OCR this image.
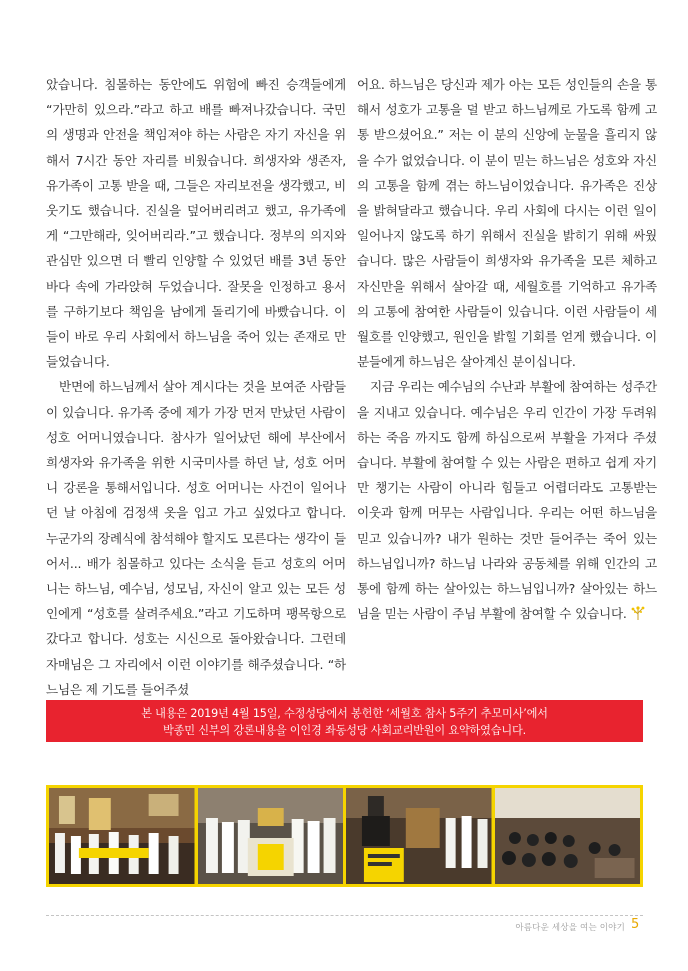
았습니다. 침몰하는 동안에도 위험에 빠진 승객들에게 “가만히 있으라.”라고 하고 배를 빠져나갔습니다. 국민의 생명과 안전을 책임져야 하는 사람은 자기 자신을 위해서 7시간 동안 자리를 비웠습니다. 희생자와 생존자, 유가족이 고통 받을 때, 그들은 자리보전을 생각했고, 비웃기도 했습니다. 진실을 덮어버리려고 했고, 유가족에게 “그만해라, 잊어버리라.”고 했습니다. 정부의 의지와 관심만 있으면 더 빨리 인양할 수 있었던 배를 3년 동안 바다 속에 가라앉혀 두었습니다. 잘못을 인정하고 용서를 구하기보다 책임을 남에게 돌리기에 바빴습니다. 이들이 바로 우리 사회에서 하느님을 죽어 있는 존재로 만들었습니다.

반면에 하느님께서 살아 계시다는 것을 보여준 사람들이 있습니다. 유가족 중에 제가 가장 먼저 만났던 사람이 성호 어머니였습니다. 참사가 일어났던 해에 부산에서 희생자와 유가족을 위한 시국미사를 하던 날, 성호 어머니 강론을 통해서입니다. 성호 어머니는 사건이 일어나던 날 아침에 검정색 옷을 입고 가고 싶었다고 합니다. 누군가의 장례식에 참석해야 할지도 모른다는 생각이 들어서... 배가 침몰하고 있다는 소식을 듣고 성호의 어머니는 하느님, 예수님, 성모님, 자신이 알고 있는 모든 성인에게 “성호를 살려주세요.”라고 기도하며 팽목항으로 갔다고 합니다. 성호는 시신으로 돌아왔습니다. 그런데 자매님은 그 자리에서 이런 이야기를 해주셨습니다. “하느님은 제 기도를 들어주셨

어요. 하느님은 당신과 제가 아는 모든 성인들의 손을 통해서 성호가 고통을 덜 받고 하느님께로 가도록 함께 고통 받으셨어요.” 저는 이 분의 신앙에 눈물을 흘리지 않을 수가 없었습니다. 이 분이 믿는 하느님은 성호와 자신의 고통을 함께 겪는 하느님이었습니다. 유가족은 진상을 밝혀달라고 했습니다. 우리 사회에 다시는 이런 일이 일어나지 않도록 하기 위해서 진실을 밝히기 위해 싸웠습니다. 많은 사람들이 희생자와 유가족을 모른 체하고 자신만을 위해서 살아갈 때, 세월호를 기억하고 유가족의 고통에 참여한 사람들이 있습니다. 이런 사람들이 세월호를 인양했고, 원인을 밝힐 기회를 얻게 했습니다. 이분들에게 하느님은 살아계신 분이십니다.

지금 우리는 예수님의 수난과 부활에 참여하는 성주간을 지내고 있습니다. 예수님은 우리 인간이 가장 두려워하는 죽음 까지도 함께 하심으로써 부활을 가져다 주셨습니다. 부활에 참여할 수 있는 사람은 편하고 쉽게 자기만 챙기는 사람이 아니라 힘들고 어렵더라도 고통받는 이웃과 함께 머무는 사람입니다. 우리는 어떤 하느님을 믿고 있습니까? 내가 원하는 것만 들어주는 죽어 있는 하느님입니까? 하느님 나라와 공동체를 위해 인간의 고통에 함께 하는 살아있는 하느님입니까? 살아있는 하느님을 믿는 사람이 주님 부활에 참여할 수 있습니다.

본 내용은 2019년 4월 15일, 수정성당에서 봉헌한 ‘세월호 참사 5주기 추모미사’에서
박종민 신부의 강론내용을 이인경 좌동성당 사회교리반원이 요약하였습니다.
아름다운 세상을 여는 이야기 5
